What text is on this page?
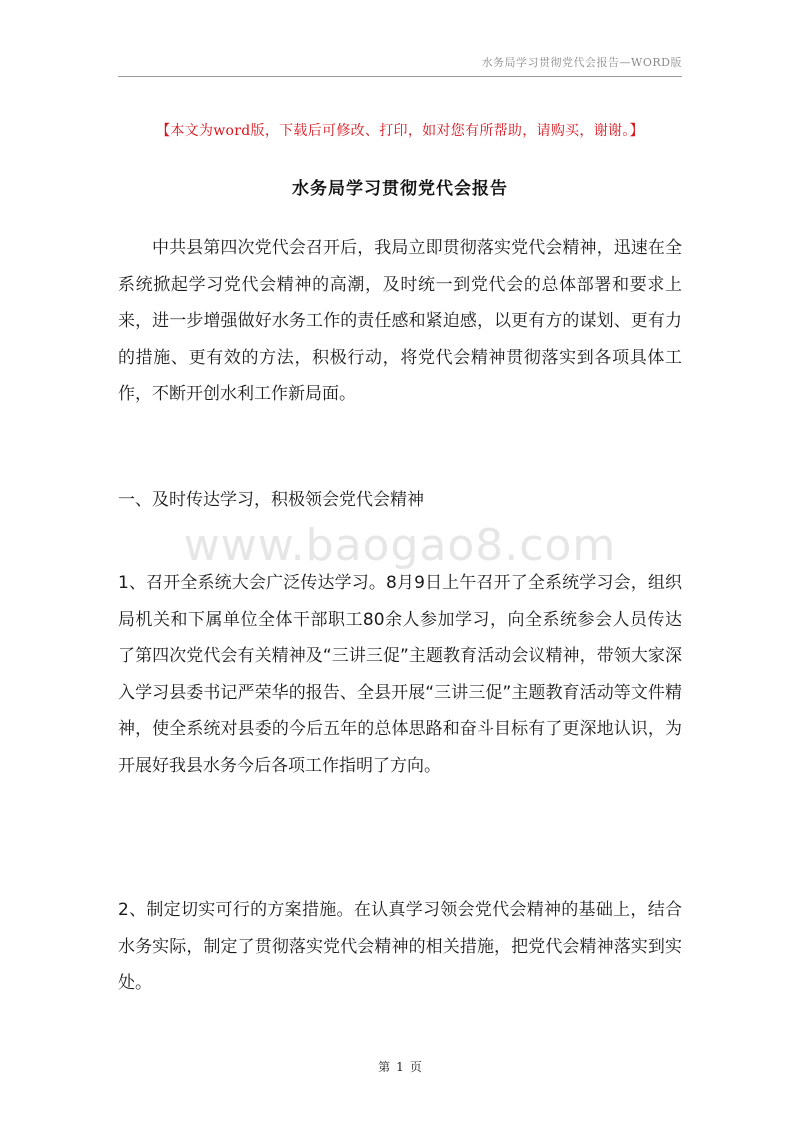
水务局学习贯彻党代会报告—WORD版
【本文为word版，下载后可修改、打印，如对您有所帮助，请购买，谢谢。】
水务局学习贯彻党代会报告

中共县第四次党代会召开后，我局立即贯彻落实党代会精神，迅速在全系统掀起学习党代会精神的高潮，及时统一到党代会的总体部署和要求上来，进一步增强做好水务工作的责任感和紧迫感，以更有方的谋划、更有力的措施、更有效的方法，积极行动，将党代会精神贯彻落实到各项具体工作，不断开创水利工作新局面。

一、及时传达学习，积极领会党代会精神

www.baogao8.com

1、召开全系统大会广泛传达学习。8月9日上午召开了全系统学习会，组织局机关和下属单位全体干部职工80余人参加学习，向全系统参会人员传达了第四次党代会有关精神及“三讲三促”主题教育活动会议精神，带领大家深入学习县委书记严荣华的报告、全县开展“三讲三促”主题教育活动等文件精神，使全系统对县委的今后五年的总体思路和奋斗目标有了更深地认识，为开展好我县水务今后各项工作指明了方向。

2、制定切实可行的方案措施。在认真学习领会党代会精神的基础上，结合水务实际，制定了贯彻落实党代会精神的相关措施，把党代会精神落实到实处。

第 1 页
